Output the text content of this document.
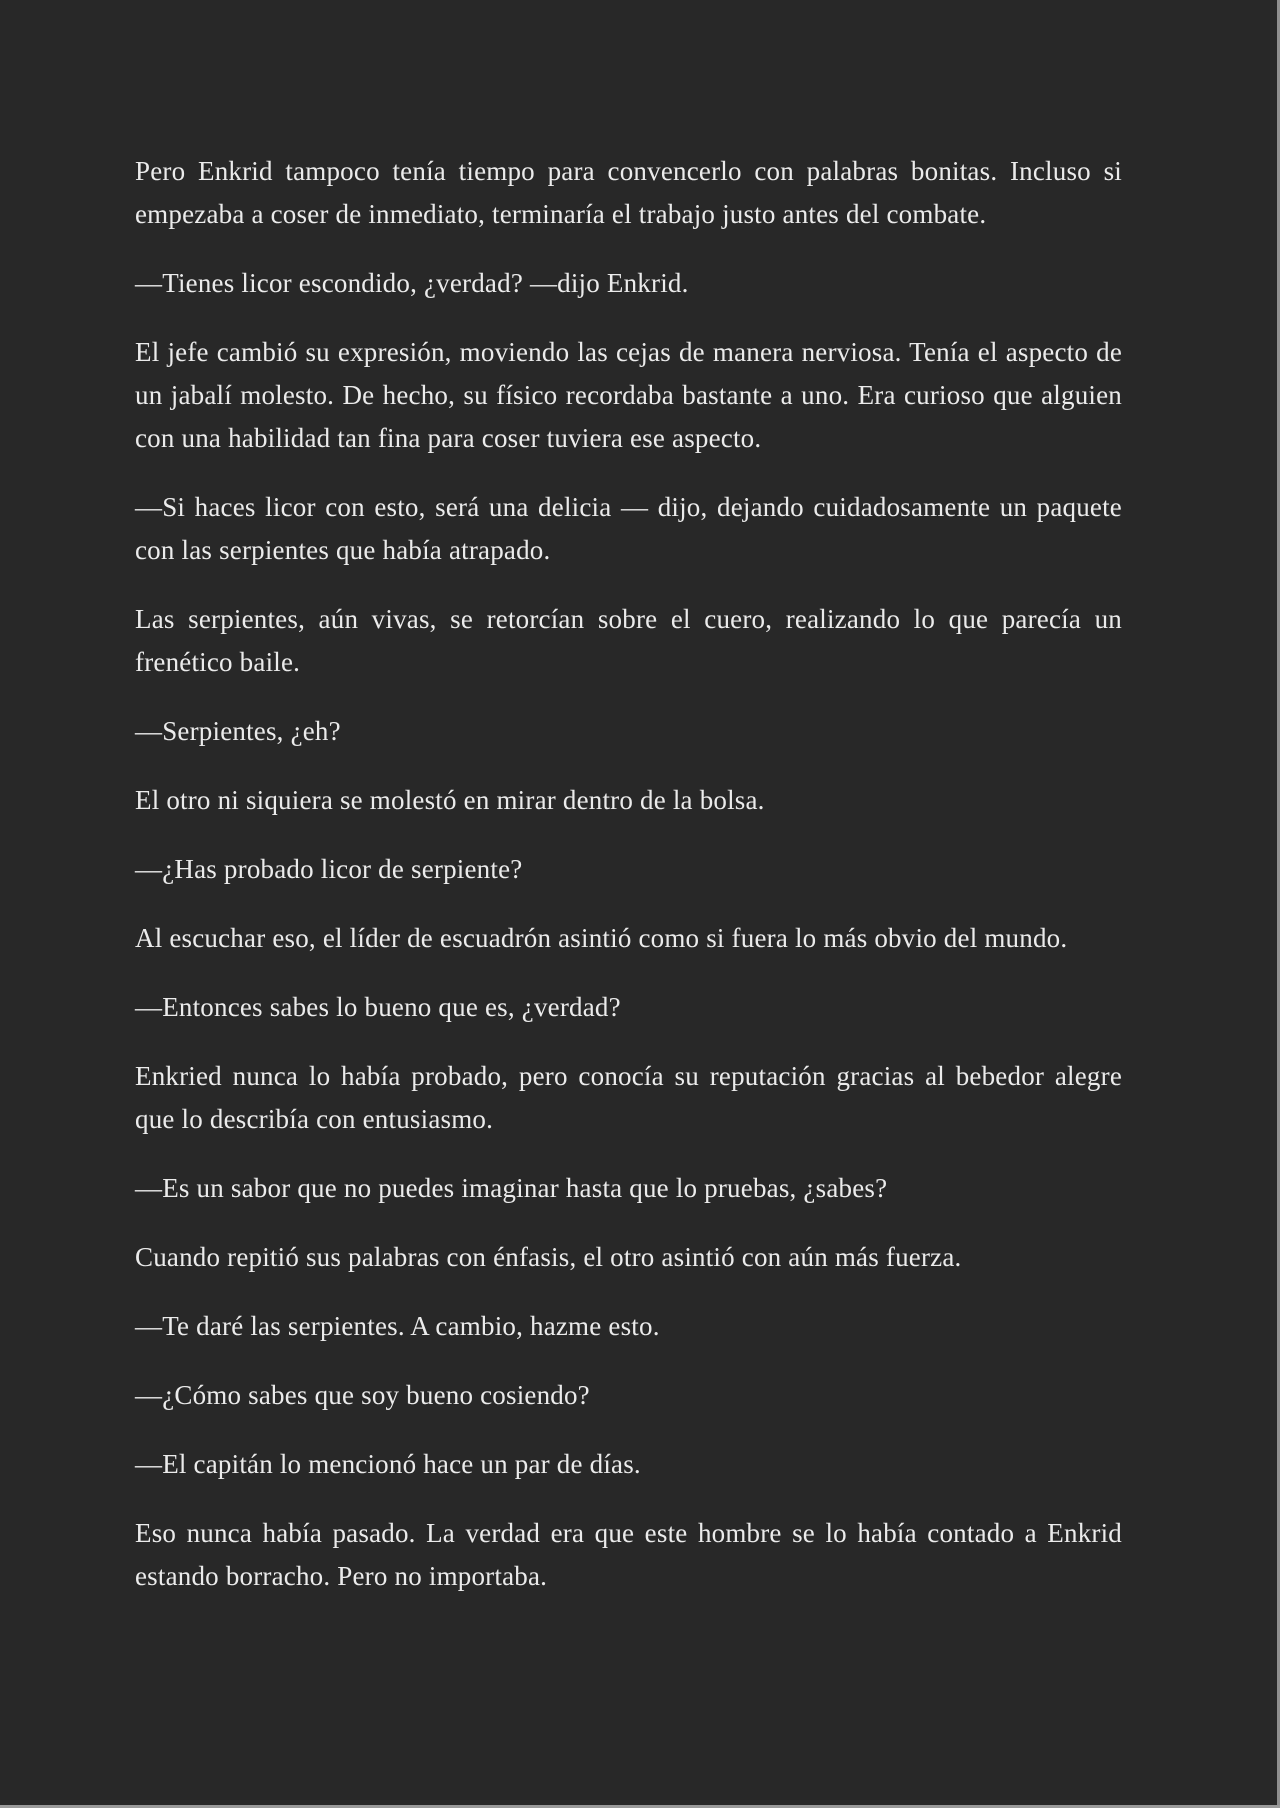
Pero Enkrid tampoco tenía tiempo para convencerlo con palabras bonitas. Incluso si empezaba a coser de inmediato, terminaría el trabajo justo antes del combate.

—Tienes licor escondido, ¿verdad? —dijo Enkrid.

El jefe cambió su expresión, moviendo las cejas de manera nerviosa. Tenía el aspecto de un jabalí molesto. De hecho, su físico recordaba bastante a uno. Era curioso que alguien con una habilidad tan fina para coser tuviera ese aspecto.

—Si haces licor con esto, será una delicia — dijo, dejando cuidadosamente un paquete con las serpientes que había atrapado.

Las serpientes, aún vivas, se retorcían sobre el cuero, realizando lo que parecía un frenético baile.

—Serpientes, ¿eh?

El otro ni siquiera se molestó en mirar dentro de la bolsa.

—¿Has probado licor de serpiente?

Al escuchar eso, el líder de escuadrón asintió como si fuera lo más obvio del mundo.

—Entonces sabes lo bueno que es, ¿verdad?

Enkried nunca lo había probado, pero conocía su reputación gracias al bebedor alegre que lo describía con entusiasmo.

—Es un sabor que no puedes imaginar hasta que lo pruebas, ¿sabes?

Cuando repitió sus palabras con énfasis, el otro asintió con aún más fuerza.

—Te daré las serpientes. A cambio, hazme esto.

—¿Cómo sabes que soy bueno cosiendo?

—El capitán lo mencionó hace un par de días.

Eso nunca había pasado. La verdad era que este hombre se lo había contado a Enkrid estando borracho. Pero no importaba.
